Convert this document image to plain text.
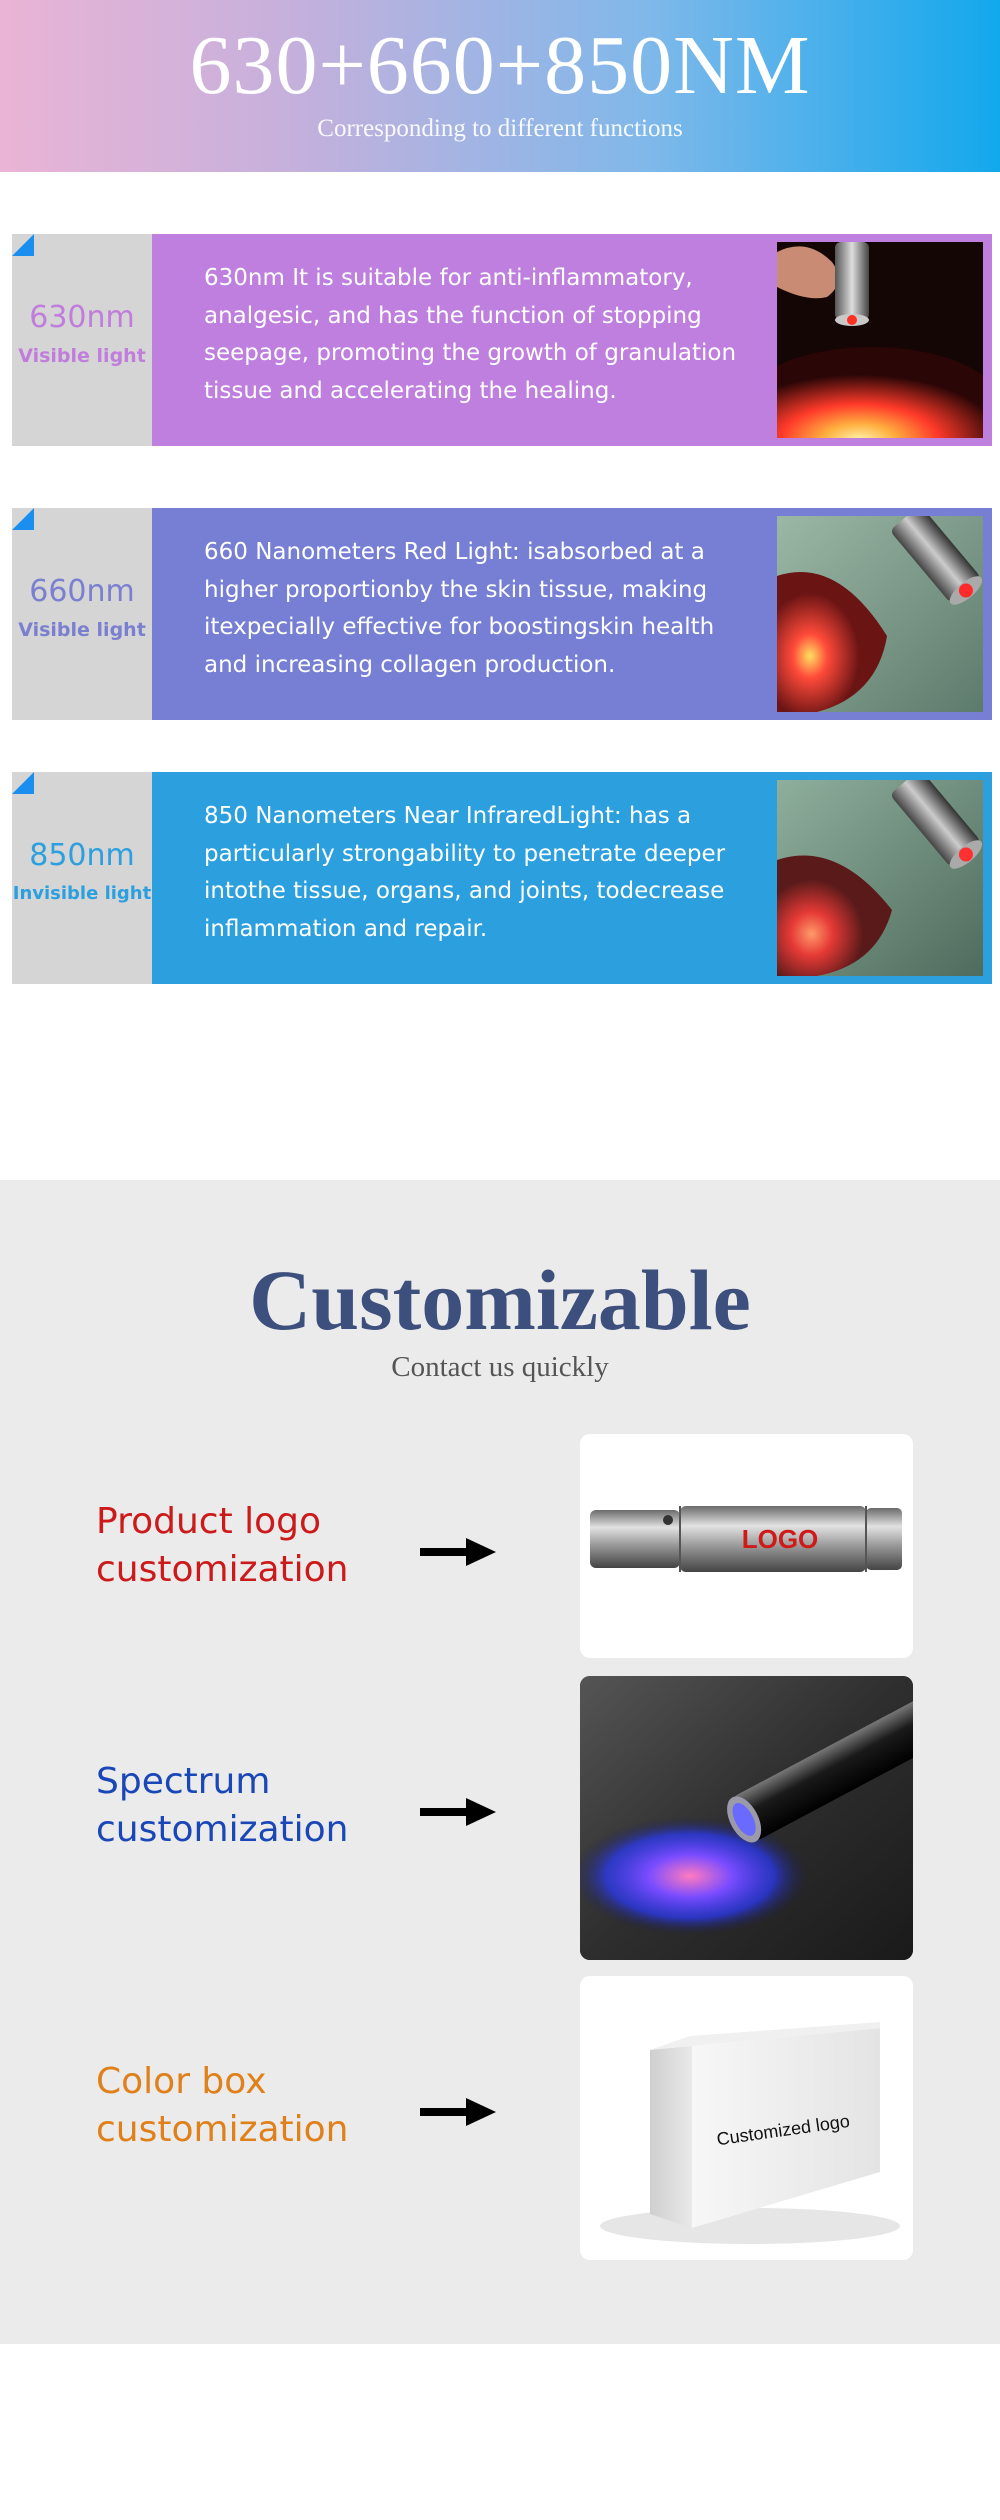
630+660+850NM

Corresponding to different functions

630nm
Visible light

630nm It is suitable for anti-inflammatory, analgesic, and has the function of stopping seepage, promoting the growth of granulation tissue and accelerating the healing.

660nm
Visible light

660 Nanometers Red Light: isabsorbed at a higher proportionby the skin tissue, making itexpecially effective for boostingskin health and increasing collagen production.

850nm
Invisible light

850 Nanometers Near InfraredLight: has a particularly strongability to penetrate deeper intothe tissue, organs, and joints, todecrease inflammation and repair.

Customizable

Contact us quickly

Product logo customization
LOGO
Spectrum customization
Color box customization	Customized logo
